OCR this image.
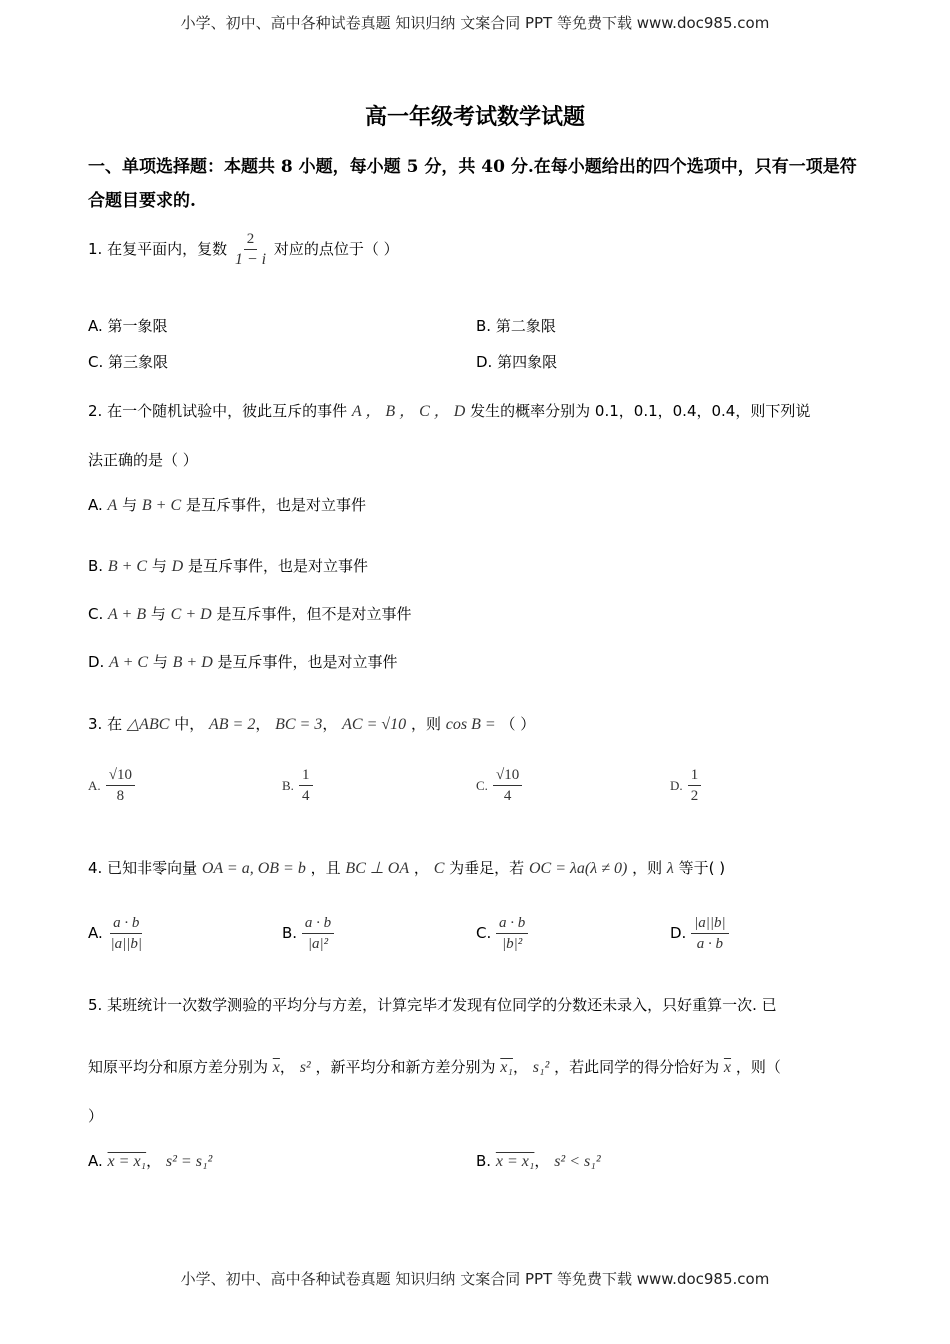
小学、初中、高中各种试卷真题 知识归纳 文案合同 PPT 等免费下载 www.doc985.com
小学、初中、高中各种试卷真题 知识归纳 文案合同 PPT 等免费下载 www.doc985.com
高一年级考试数学试题
一、单项选择题：本题共 8 小题，每小题 5 分，共 40 分.在每小题给出的四个选项中，只有一项是符合题目要求的.
1. 在复平面内，复数 $\frac{2}{1 - i}$ 对应的点位于（ ）
A. 第一象限	B. 第二象限
C. 第三象限	D. 第四象限
2. 在一个随机试验中，彼此互斥的事件 A ， B ， C ， D 发生的概率分别为 0.1，0.1，0.4，0.4，则下列说
法正确的是（ ）
A. A 与 B + C 是互斥事件，也是对立事件
B. B + C 与 D 是互斥事件，也是对立事件
C. A + B 与 C + D 是互斥事件，但不是对立事件
D. A + C 与 B + D 是互斥事件，也是对立事件
3. 在 △ABC 中， AB = 2， BC = 3， AC = √10 ，则 cos B = （ ）
A. $\frac{√10}{8}$	B. $\frac{1}{4}$	C. $\frac{√10}{4}$	D. $\frac{1}{2}$
4. 已知非零向量 OA = a, OB = b ，且 BC ⊥ OA ， C 为垂足，若 OC = λa(λ ≠ 0) ，则 λ 等于( )
A. $\frac{a \cdot b}{|a||b|}$	B. $\frac{a \cdot b}{\text{|a|²}}$	C. $\frac{a \cdot b}{\text{|b|²}}$	D. $\frac{|a||b|}{a \cdot b}$
5. 某班统计一次数学测验的平均分与方差，计算完毕才发现有位同学的分数还未录入，只好重算一次. 已
知原平均分和原方差分别为 $\overline{x}$， s² ，新平均分和新方差分别为 x₁， s₁² ，若此同学的得分恰好为 $\overline{x}$ ，则（
）
A. x = x₁， s² = s₁²	B. x = x₁， s² < s₁²
